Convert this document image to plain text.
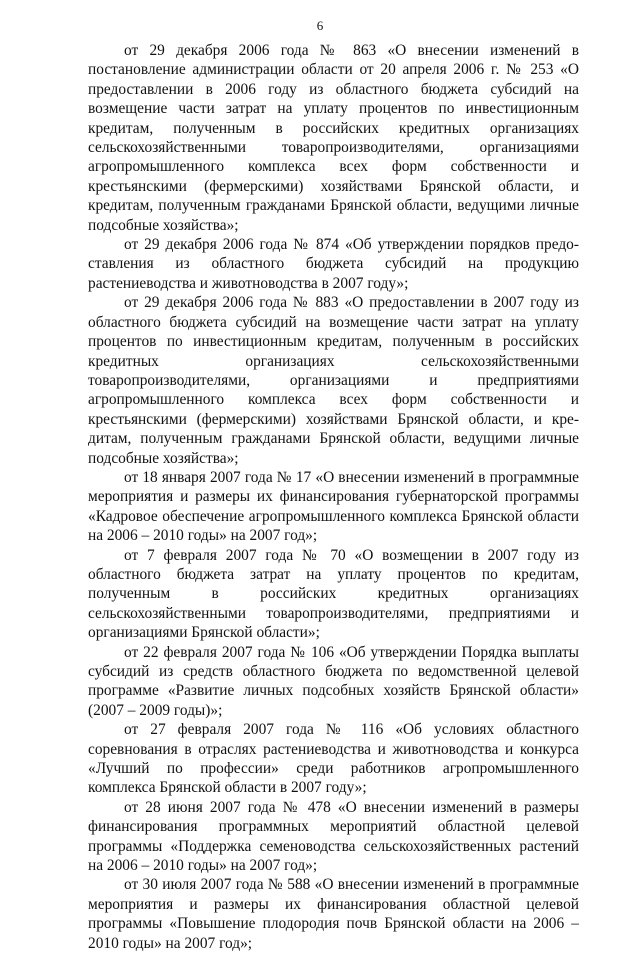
6

от 29 декабря 2006 года № 863 «О внесении изменений в постановление администрации области от 20 апреля 2006 г. № 253 «О предоставлении в 2006 году из областного бюджета субсидий на возмещение части затрат на уплату процентов по инвестиционным кредитам, полученным в российских кредитных организациях сельскохозяйственными товаропроизводителями, организациями агропромышленного комплекса всех форм собственности и крестьянскими (фермерскими) хозяйствами Брянской области, и кредитам, полученным гражданами Брянской области, ведущими личные подсобные хозяйства»;

от 29 декабря 2006 года № 874 «Об утверждении порядков предоставления из областного бюджета субсидий на продукцию растениеводства и животноводства в 2007 году»;

от 29 декабря 2006 года № 883 «О предоставлении в 2007 году из областного бюджета субсидий на возмещение части затрат на уплату процентов по инвестиционным кредитам, полученным в российских кредитных организациях сельскохозяйственными товаропроизводителями, организациями и предприятиями агропромышленного комплекса всех форм собственности и крестьянскими (фермерскими) хозяйствами Брянской области, и кредитам, полученным гражданами Брянской области, ведущими личные подсобные хозяйства»;

от 18 января 2007 года № 17 «О внесении изменений в программные мероприятия и размеры их финансирования губернаторской программы «Кадровое обеспечение агропромышленного комплекса Брянской области на 2006 – 2010 годы» на 2007 год»;

от 7 февраля 2007 года № 70 «О возмещении в 2007 году из областного бюджета затрат на уплату процентов по кредитам, полученным в российских кредитных организациях сельскохозяйственными товаропроизводителями, предприятиями и организациями Брянской области»;

от 22 февраля 2007 года № 106 «Об утверждении Порядка выплаты субсидий из средств областного бюджета по ведомственной целевой программе «Развитие личных подсобных хозяйств Брянской области» (2007 – 2009 годы)»;

от 27 февраля 2007 года № 116 «Об условиях областного соревнования в отраслях растениеводства и животноводства и конкурса «Лучший по профессии» среди работников агропромышленного комплекса Брянской области в 2007 году»;

от 28 июня 2007 года № 478 «О внесении изменений в размеры финансирования программных мероприятий областной целевой программы «Поддержка семеноводства сельскохозяйственных растений на 2006 – 2010 годы» на 2007 год»;

от 30 июля 2007 года № 588 «О внесении изменений в программные мероприятия и размеры их финансирования областной целевой программы «Повышение плодородия почв Брянской области на 2006 – 2010 годы» на 2007 год»;
